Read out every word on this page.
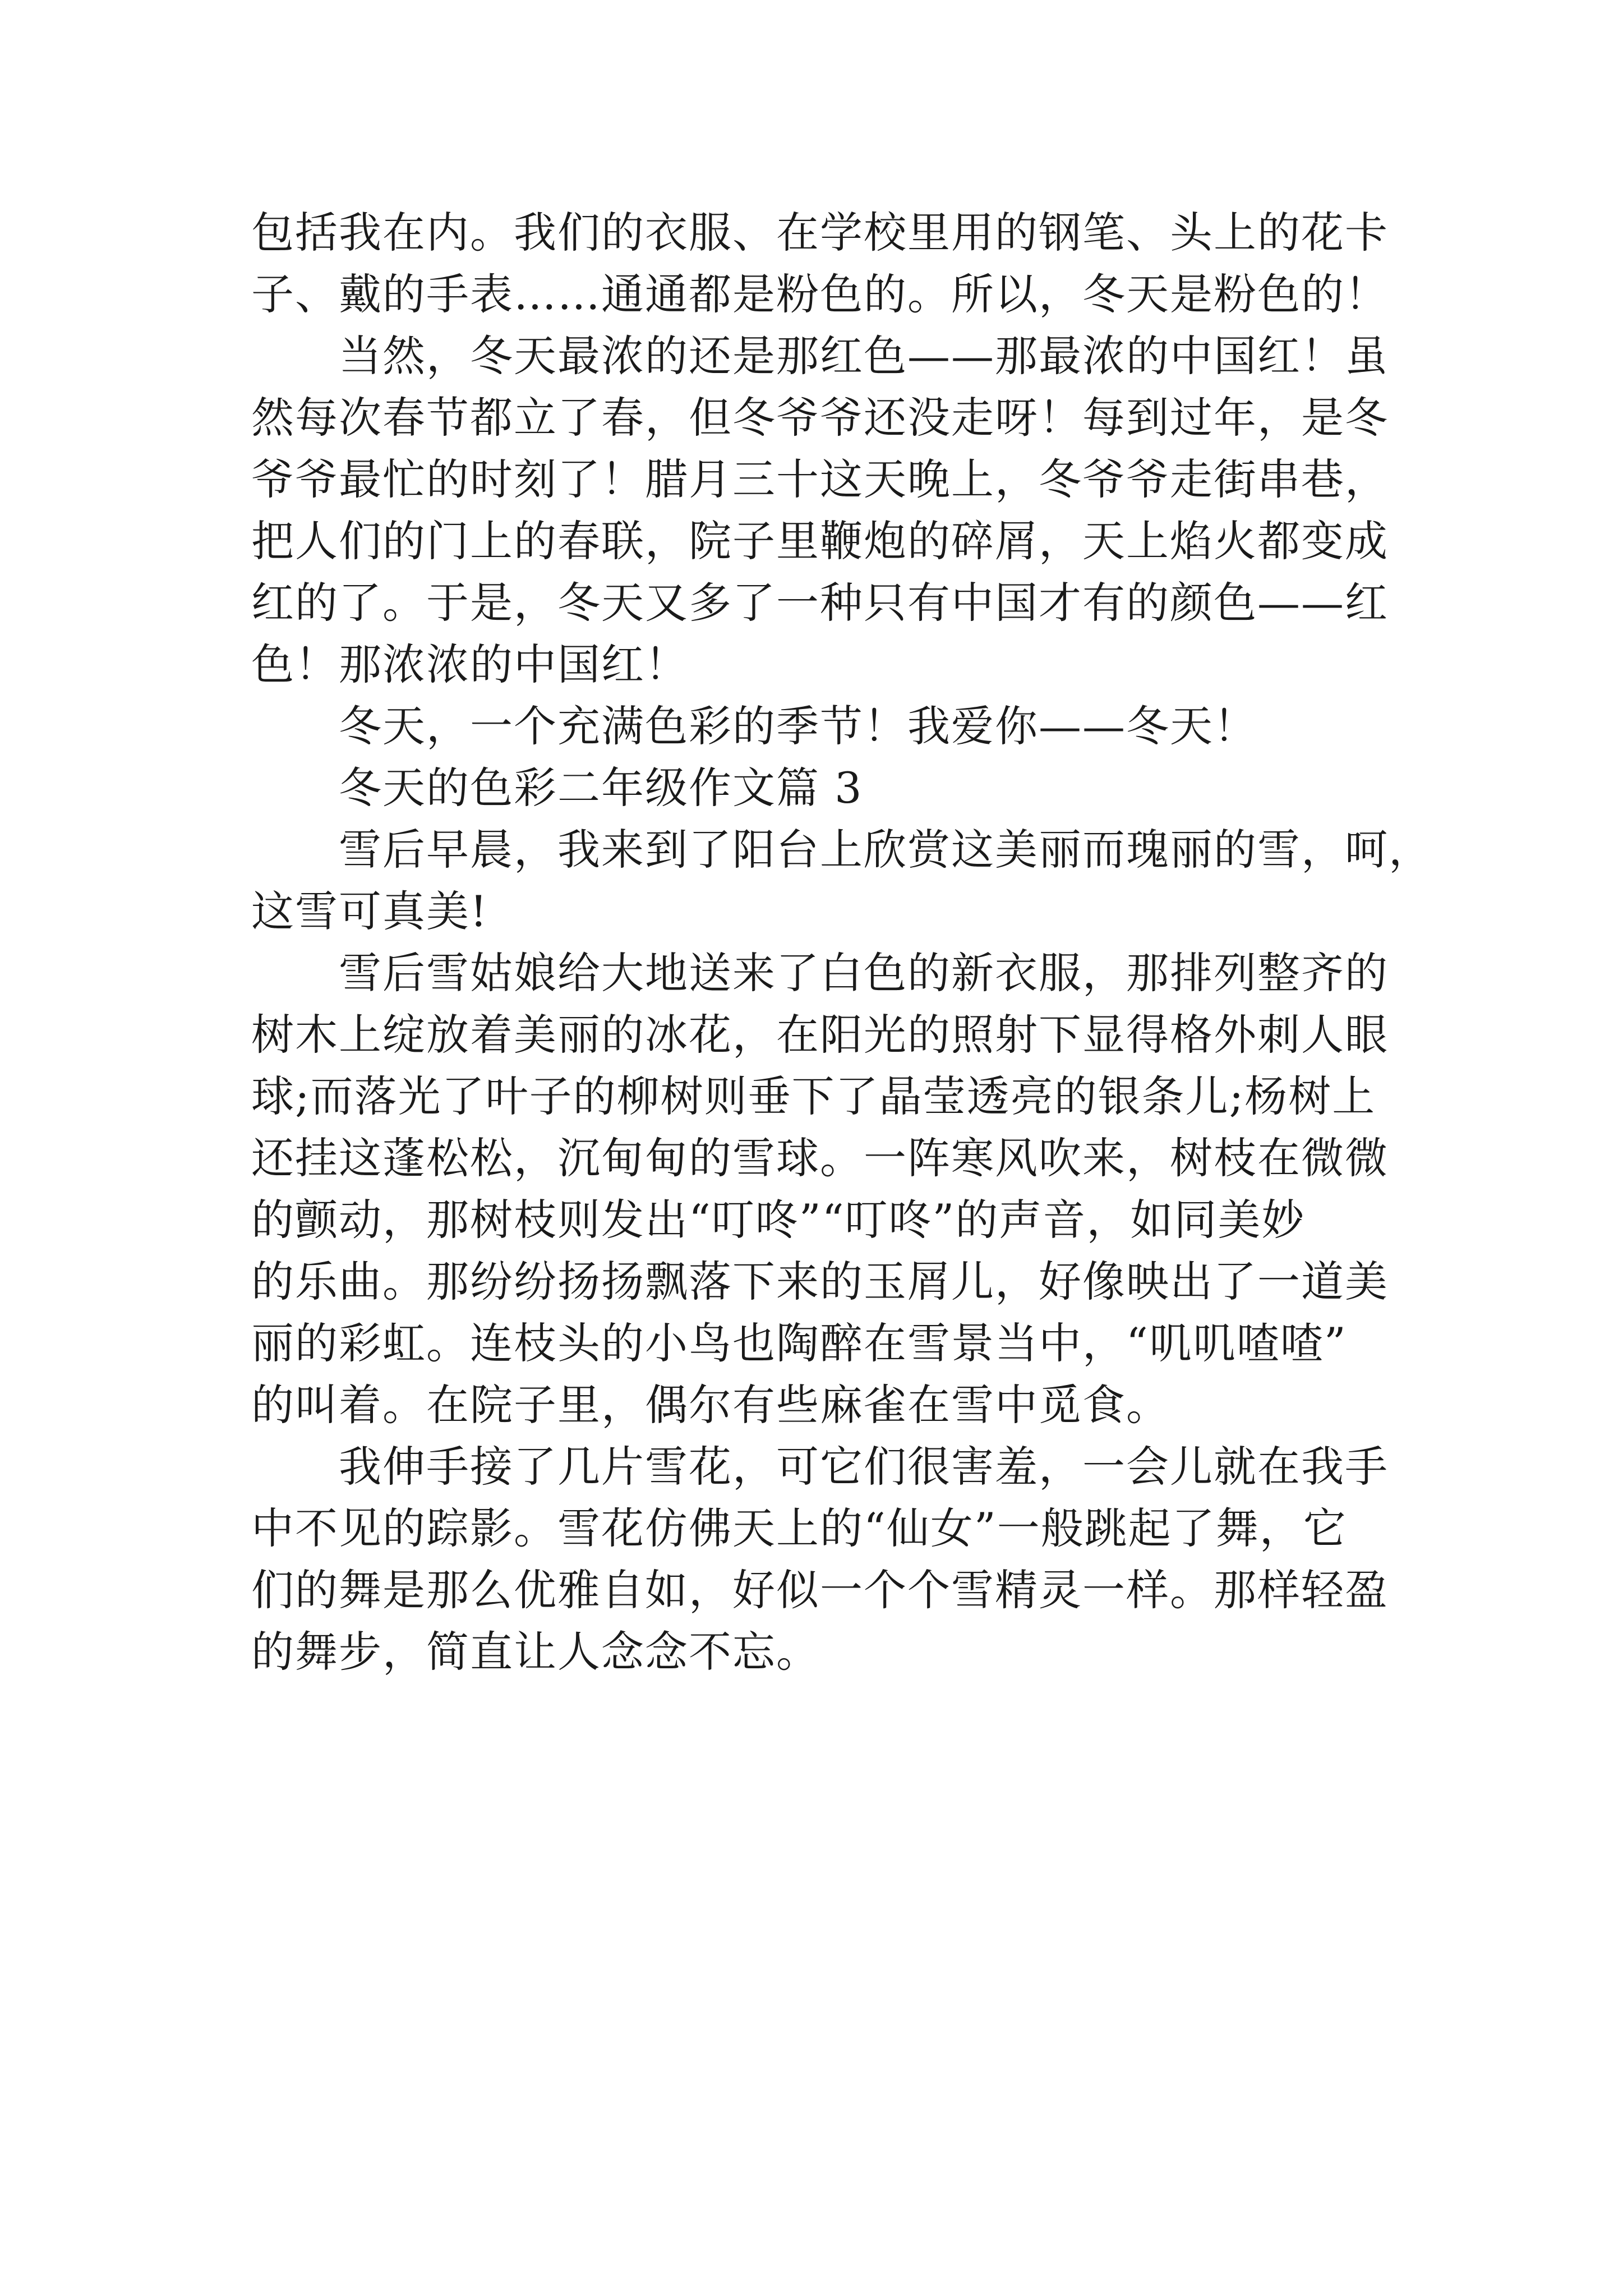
包括我在内。我们的衣服、在学校里用的钢笔、头上的花卡
子、戴的手表……通通都是粉色的。所以，冬天是粉色的！
当然，冬天最浓的还是那红色——那最浓的中国红！虽
然每次春节都立了春，但冬爷爷还没走呀！每到过年，是冬
爷爷最忙的时刻了！腊月三十这天晚上，冬爷爷走街串巷，
把人们的门上的春联，院子里鞭炮的碎屑，天上焰火都变成
红的了。于是，冬天又多了一种只有中国才有的颜色——红
色！那浓浓的中国红！
冬天，一个充满色彩的季节！我爱你——冬天！
冬天的色彩二年级作文篇 3
雪后早晨，我来到了阳台上欣赏这美丽而瑰丽的雪，呵，
这雪可真美!
雪后雪姑娘给大地送来了白色的新衣服，那排列整齐的
树木上绽放着美丽的冰花，在阳光的照射下显得格外刺人眼
球;而落光了叶子的柳树则垂下了晶莹透亮的银条儿;杨树上
还挂这蓬松松，沉甸甸的雪球。一阵寒风吹来，树枝在微微
的颤动，那树枝则发出“叮咚”“叮咚”的声音，如同美妙
的乐曲。那纷纷扬扬飘落下来的玉屑儿，好像映出了一道美
丽的彩虹。连枝头的小鸟也陶醉在雪景当中，“叽叽喳喳”
的叫着。在院子里，偶尔有些麻雀在雪中觅食。
我伸手接了几片雪花，可它们很害羞，一会儿就在我手
中不见的踪影。雪花仿佛天上的“仙女”一般跳起了舞，它
们的舞是那么优雅自如，好似一个个雪精灵一样。那样轻盈
的舞步，简直让人念念不忘。
